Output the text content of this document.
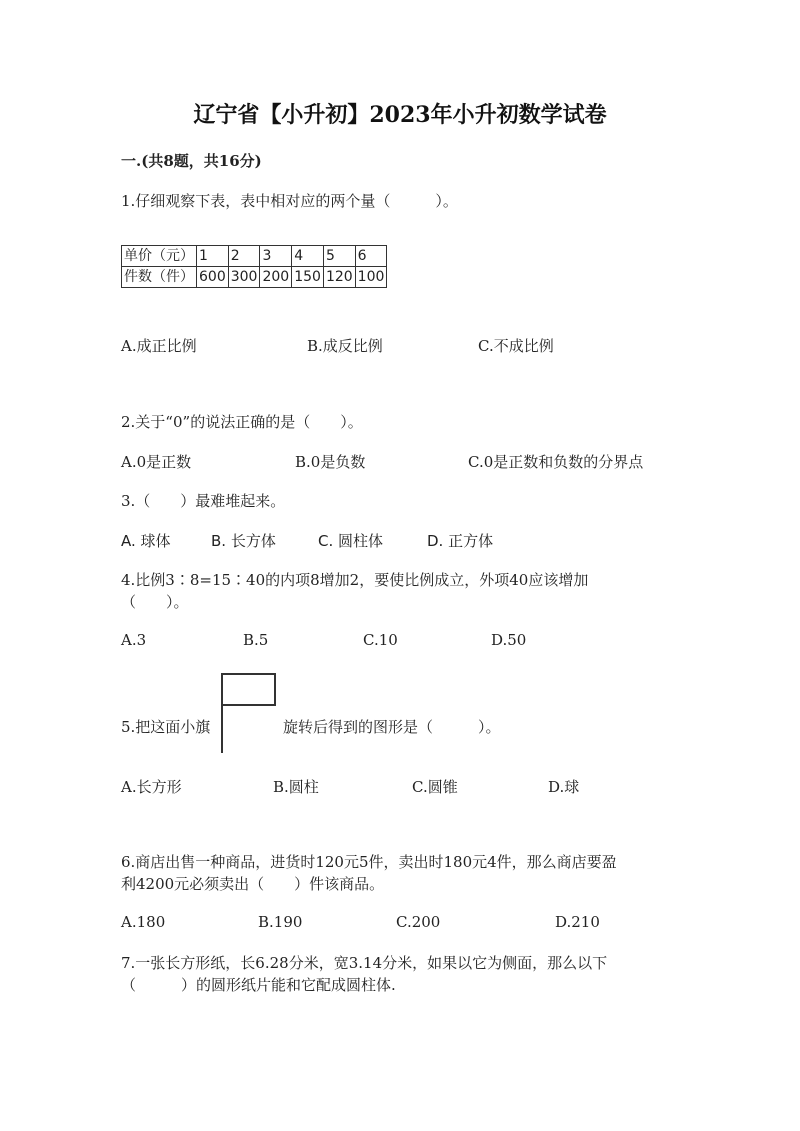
辽宁省【小升初】2023年小升初数学试卷
一.(共8题，共16分)
1.仔细观察下表，表中相对应的两个量（　　　）。
单价（元）	1	2	3	4	5	6
件数（件）	600	300	200	150	120	100
A.成正比例	B.成反比例	C.不成比例
2.关于“0”的说法正确的是（　　）。
A.0是正数	B.0是负数	C.0是正数和负数的分界点
3.（　　）最难堆起来。
A. 球体	B. 长方体	C. 圆柱体	D. 正方体
4.比例3∶8=15∶40的内项8增加2，要使比例成立，外项40应该增加
（　　）。
A.3	B.5	C.10	D.50
5.把这面小旗	旋转后得到的图形是（　　　）。
A.长方形	B.圆柱	C.圆锥	D.球
6.商店出售一种商品，进货时120元5件，卖出时180元4件，那么商店要盈
利4200元必须卖出（　　）件该商品。
A.180	B.190	C.200	D.210
7.一张长方形纸，长6.28分米，宽3.14分米，如果以它为侧面，那么以下
（　　　）的圆形纸片能和它配成圆柱体.
